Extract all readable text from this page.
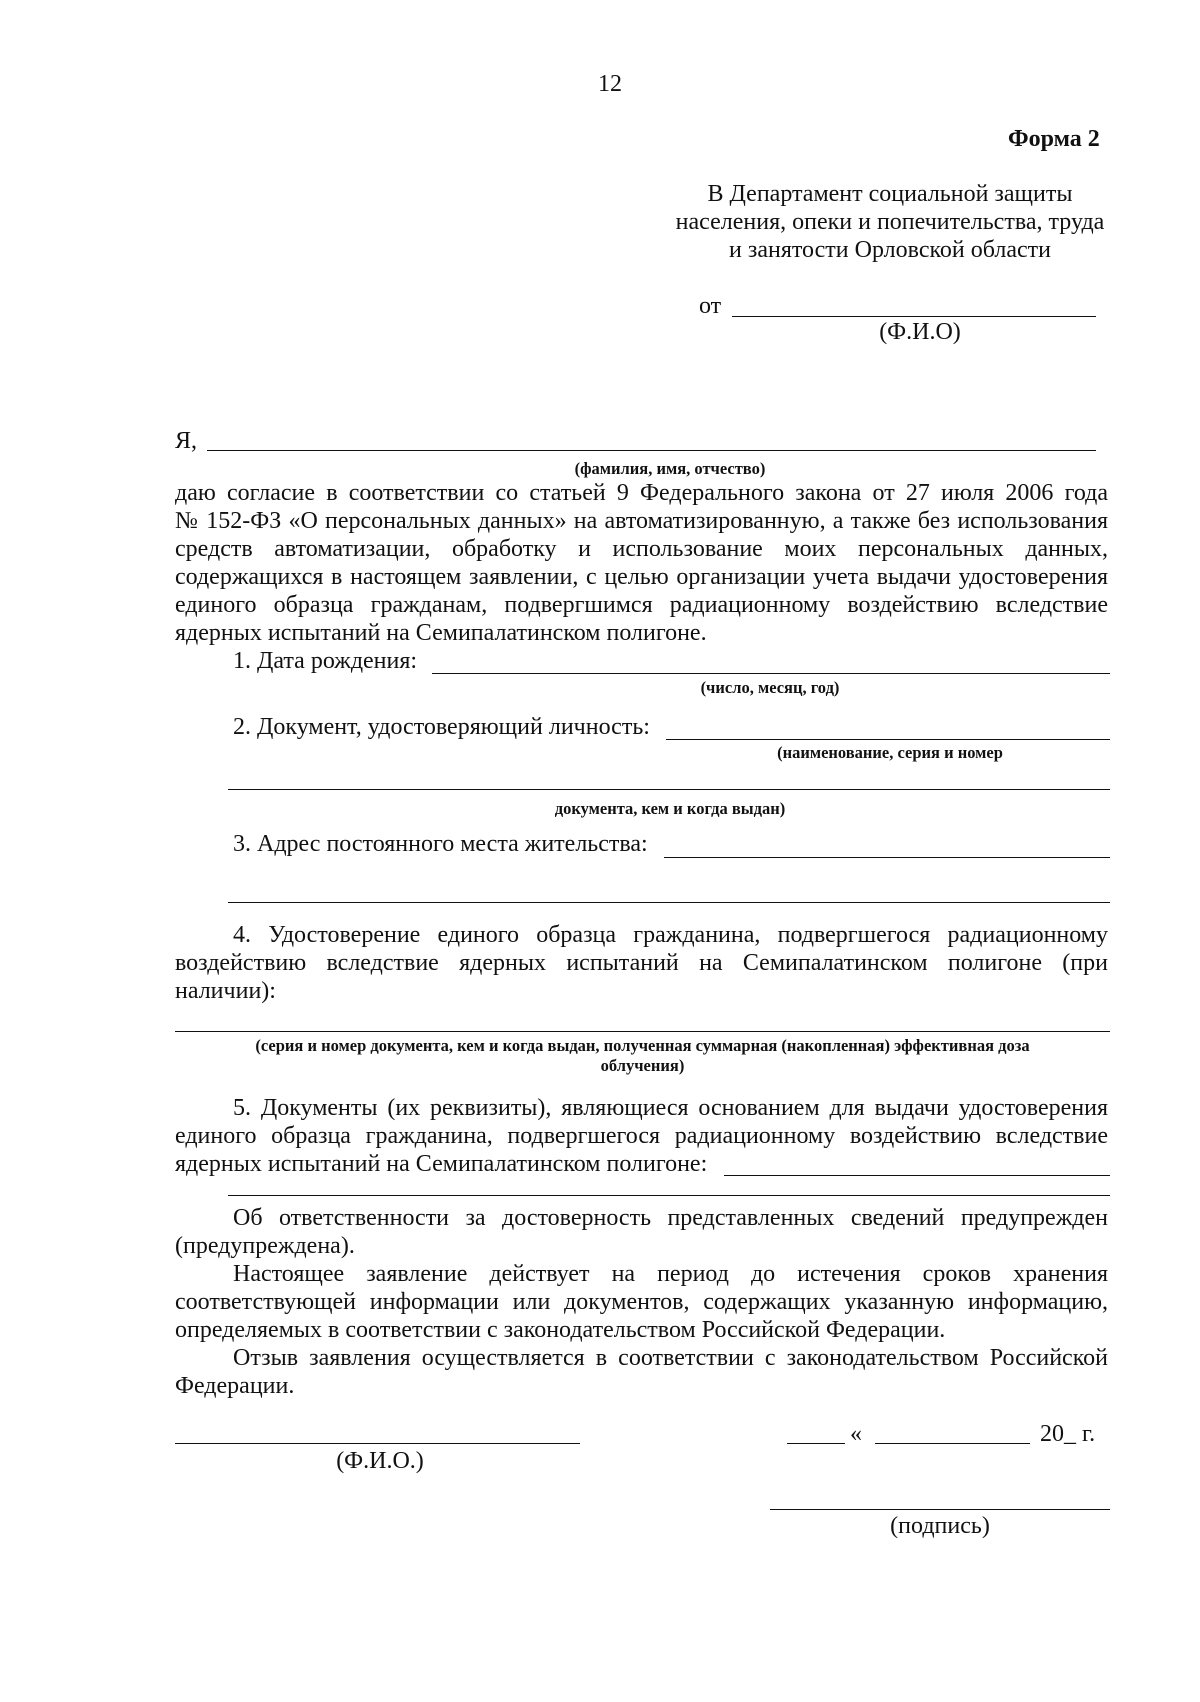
12
Форма 2
В Департамент социальной защиты
населения, опеки и попечительства, труда
и занятости Орловской области
от
(Ф.И.О)
Я,
(фамилия, имя, отчество)
даю согласие в соответствии со статьей 9 Федерального закона от 27 июля 2006 года
№ 152-ФЗ «О персональных данных» на автоматизированную, а также без использования
средств автоматизации, обработку и использование моих персональных данных,
содержащихся в настоящем заявлении, с целью организации учета выдачи удостоверения
единого образца гражданам, подвергшимся радиационному воздействию вследствие
ядерных испытаний на Семипалатинском полигоне.
1. Дата рождения:
(число, месяц, год)
2. Документ, удостоверяющий личность:
(наименование, серия и номер
документа, кем и когда выдан)
3. Адрес постоянного места жительства:
4. Удостоверение единого образца гражданина, подвергшегося радиационному
воздействию вследствие ядерных испытаний на Семипалатинском полигоне (при
наличии):
(серия и номер документа, кем и когда выдан, полученная суммарная (накопленная) эффективная доза
облучения)
5. Документы (их реквизиты), являющиеся основанием для выдачи удостоверения
единого образца гражданина, подвергшегося радиационному воздействию вследствие
ядерных испытаний на Семипалатинском полигоне:
Об ответственности за достоверность представленных сведений предупрежден
(предупреждена).
Настоящее заявление действует на период до истечения сроков хранения
соответствующей информации или документов, содержащих указанную информацию,
определяемых в соответствии с законодательством Российской Федерации.
Отзыв заявления осуществляется в соответствии с законодательством Российской
Федерации.
(Ф.И.О.)
«	20_ г.
(подпись)
